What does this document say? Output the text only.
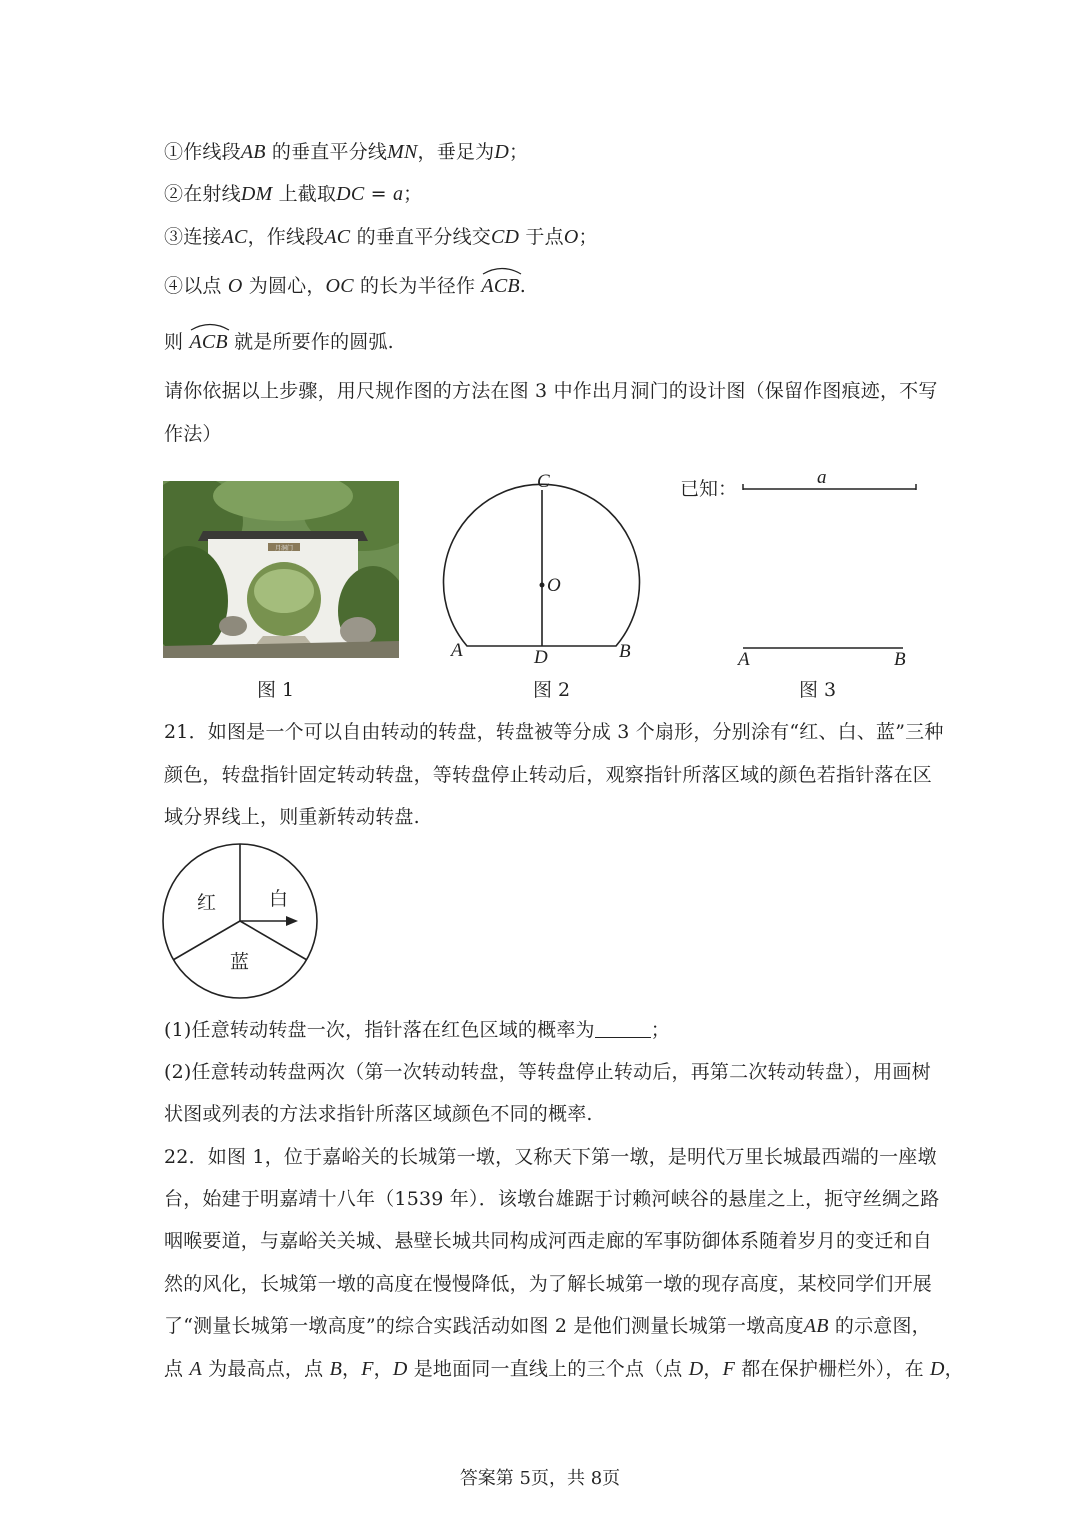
①作线段AB 的垂直平分线MN，垂足为D；
②在射线DM 上截取DC = a；
③连接AC，作线段AC 的垂直平分线交CD 于点O；
④以点 O 为圆心，OC 的长为半径作
ACB.
则
ACB 就是所要作的圆弧.
请你依据以上步骤，用尺规作图的方法在图 3 中作出月洞门的设计图（保留作图痕迹，不写
作法）
月洞门
图 1
C
O
A	D	B
图 2
已知：
a
A	B
图 3
21．如图是一个可以自由转动的转盘，转盘被等分成 3 个扇形，分别涂有“红、白、蓝”三种
颜色，转盘指针固定转动转盘，等转盘停止转动后，观察指针所落区域的颜色若指针落在区
域分界线上，则重新转动转盘.
红	白
蓝
(1)任意转动转盘一次，指针落在红色区域的概率为	；
(2)任意转动转盘两次（第一次转动转盘，等转盘停止转动后，再第二次转动转盘），用画树
状图或列表的方法求指针所落区域颜色不同的概率.
22．如图 1，位于嘉峪关的长城第一墩，又称天下第一墩，是明代万里长城最西端的一座墩
台，始建于明嘉靖十八年（1539 年）．该墩台雄踞于讨赖河峡谷的悬崖之上，扼守丝绸之路
咽喉要道，与嘉峪关关城、悬壁长城共同构成河西走廊的军事防御体系随着岁月的变迁和自
然的风化，长城第一墩的高度在慢慢降低，为了解长城第一墩的现存高度，某校同学们开展
了“测量长城第一墩高度”的综合实践活动如图 2 是他们测量长城第一墩高度AB 的示意图，
点 A 为最高点，点 B，F，D 是地面同一直线上的三个点（点 D，F 都在保护栅栏外），在 D，
答案第 5页，共 8页
